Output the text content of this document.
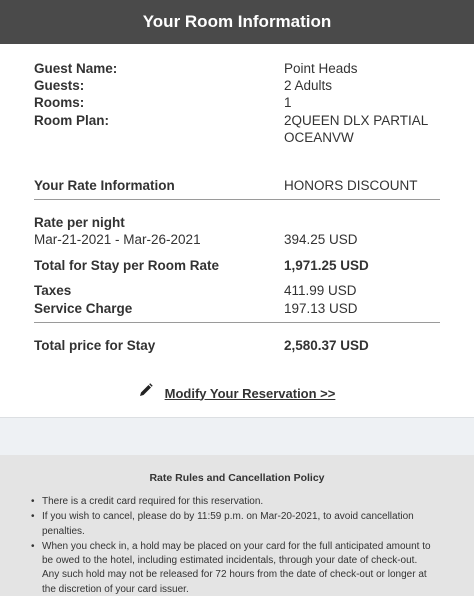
Your Room Information
Guest Name:	Point Heads
Guests:	2 Adults
Rooms:	1
Room Plan:	2QUEEN DLX PARTIAL OCEANVW
Your Rate Information	HONORS DISCOUNT
Rate per night
Mar-21-2021 - Mar-26-2021	394.25 USD
Total for Stay per Room Rate	1,971.25 USD
Taxes	411.99 USD
Service Charge	197.13 USD
Total price for Stay	2,580.37 USD
Modify Your Reservation >>
Rate Rules and Cancellation Policy
• There is a credit card required for this reservation.
• If you wish to cancel, please do by 11:59 p.m. on Mar-20-2021, to avoid cancellation penalties.
• When you check in, a hold may be placed on your card for the full anticipated amount to be owed to the hotel, including estimated incidentals, through your date of check-out. Any such hold may not be released for 72 hours from the date of check-out or longer at the discretion of your card issuer.
